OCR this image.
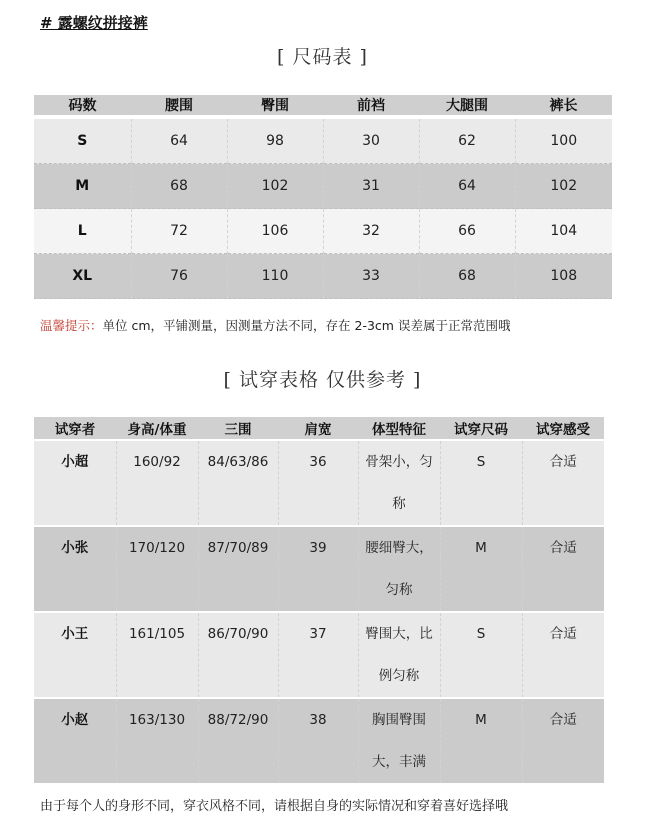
# 露螺纹拼接裤
[ 尺码表 ]
码数	腰围	臀围	前裆	大腿围	裤长
S	64	98	30	62	100
M	68	102	31	64	102
L	72	106	32	66	104
XL	76	110	33	68	108
温馨提示：单位 cm，平铺测量，因测量方法不同，存在 2-3cm 误差属于正常范围哦
[ 试穿表格 仅供参考 ]
试穿者	身高/体重	三围	肩宽	体型特征	试穿尺码	试穿感受
小超	160/92	84/63/86	36	骨架小，匀称	S	合适
小张	170/120	87/70/89	39	腰细臀大，匀称	M	合适
小王	161/105	86/70/90	37	臀围大，比例匀称	S	合适
小赵	163/130	88/72/90	38	胸围臀围大，丰满	M	合适
由于每个人的身形不同，穿衣风格不同，请根据自身的实际情况和穿着喜好选择哦
